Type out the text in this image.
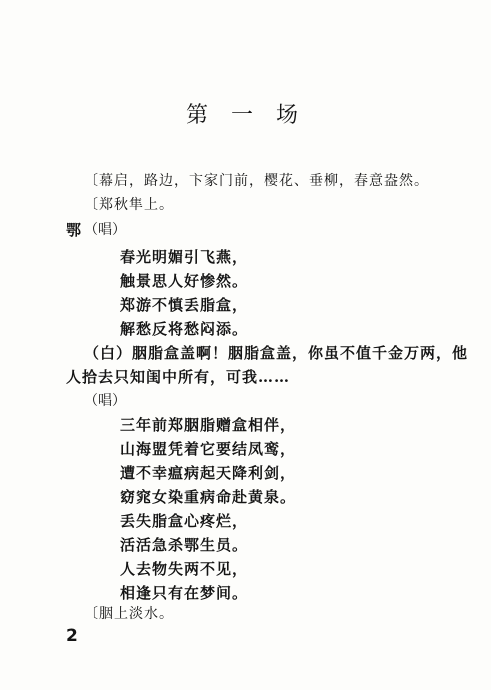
第 一 场
〔幕启，路边，卞家门前，樱花、垂柳，春意盎然。
〔郑秋隼上。
鄂 （唱）
春光明媚引飞燕，
触景思人好惨然。
郑游不慎丢脂盒，
解愁反将愁闷添。
（白）胭脂盒盖啊！胭脂盒盖，你虽不值千金万两，他
人拾去只知闺中所有，可我……
（唱）
三年前郑胭脂赠盒相伴，
山海盟凭着它要结凤鸾，
遭不幸瘟病起天降利剑，
窈窕女染重病命赴黄泉。
丢失脂盒心疼烂，
活活急杀鄂生员。
人去物失两不见，
相逢只有在梦间。
〔胭上淡水。
2
